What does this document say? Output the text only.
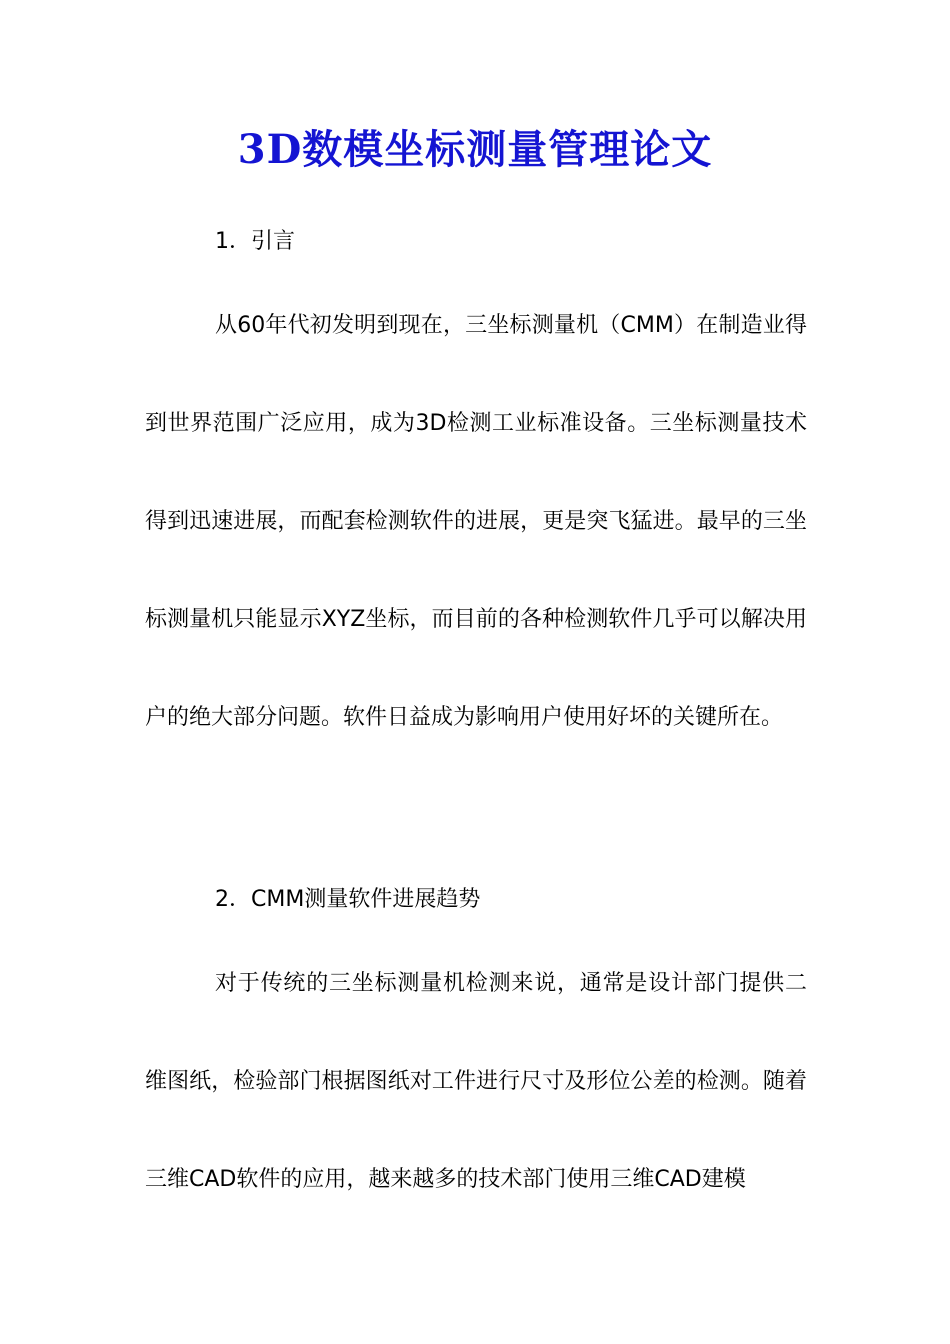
3D数模坐标测量管理论文

1．引言

从60年代初发明到现在，三坐标测量机（CMM）在制造业得到世界范围广泛应用，成为3D检测工业标准设备。三坐标测量技术得到迅速进展，而配套检测软件的进展，更是突飞猛进。最早的三坐标测量机只能显示XYZ坐标，而目前的各种检测软件几乎可以解决用户的绝大部分问题。软件日益成为影响用户使用好坏的关键所在。

2．CMM测量软件进展趋势

对于传统的三坐标测量机检测来说，通常是设计部门提供二维图纸，检验部门根据图纸对工件进行尺寸及形位公差的检测。随着三维CAD软件的应用，越来越多的技术部门使用三维CAD建模
